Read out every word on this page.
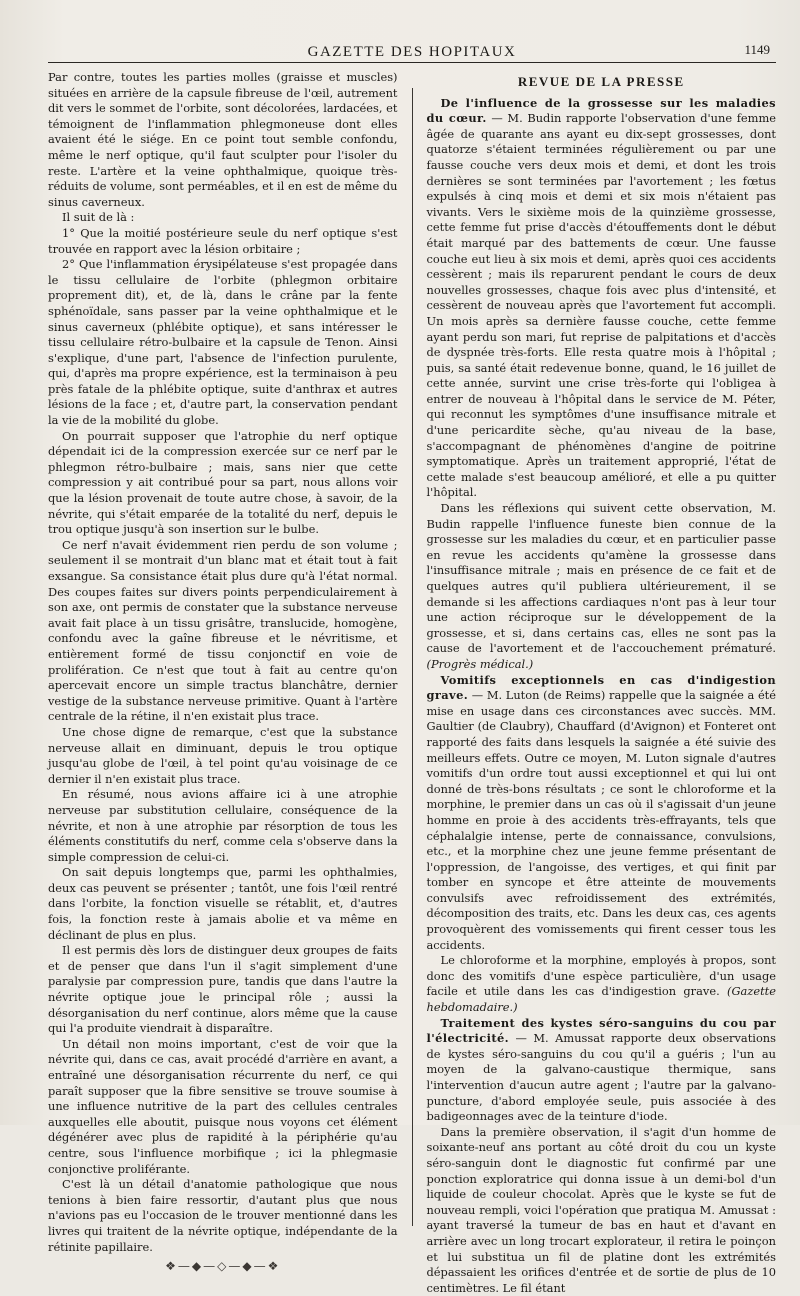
GAZETTE DES HOPITAUX	1149

Par contre, toutes les parties molles (graisse et muscles) situées en arrière de la capsule fibreuse de l'œil, autrement dit vers le sommet de l'orbite, sont décolorées, lardacées, et témoignent de l'inflammation phlegmoneuse dont elles avaient été le siége. En ce point tout semble confondu, même le nerf optique, qu'il faut sculpter pour l'isoler du reste. L'artère et la veine ophthalmique, quoique très-réduits de volume, sont perméables, et il en est de même du sinus caverneux.

Il suit de là :

1° Que la moitié postérieure seule du nerf optique s'est trouvée en rapport avec la lésion orbitaire ;

2° Que l'inflammation érysipélateuse s'est propagée dans le tissu cellulaire de l'orbite (phlegmon orbitaire proprement dit), et, de là, dans le crâne par la fente sphénoïdale, sans passer par la veine ophthalmique et le sinus caverneux (phlébite optique), et sans intéresser le tissu cellulaire rétro-bulbaire et la capsule de Tenon. Ainsi s'explique, d'une part, l'absence de l'infection purulente, qui, d'après ma propre expérience, est la terminaison à peu près fatale de la phlébite optique, suite d'anthrax et autres lésions de la face ; et, d'autre part, la conservation pendant la vie de la mobilité du globe.

On pourrait supposer que l'atrophie du nerf optique dépendait ici de la compression exercée sur ce nerf par le phlegmon rétro-bulbaire ; mais, sans nier que cette compression y ait contribué pour sa part, nous allons voir que la lésion provenait de toute autre chose, à savoir, de la névrite, qui s'était emparée de la totalité du nerf, depuis le trou optique jusqu'à son insertion sur le bulbe.

Ce nerf n'avait évidemment rien perdu de son volume ; seulement il se montrait d'un blanc mat et était tout à fait exsangue. Sa consistance était plus dure qu'à l'état normal. Des coupes faites sur divers points perpendiculairement à son axe, ont permis de constater que la substance nerveuse avait fait place à un tissu grisâtre, translucide, homogène, confondu avec la gaîne fibreuse et le névritisme, et entièrement formé de tissu conjonctif en voie de prolifération. Ce n'est que tout à fait au centre qu'on apercevait encore un simple tractus blanchâtre, dernier vestige de la substance nerveuse primitive. Quant à l'artère centrale de la rétine, il n'en existait plus trace.

Une chose digne de remarque, c'est que la substance nerveuse allait en diminuant, depuis le trou optique jusqu'au globe de l'œil, à tel point qu'au voisinage de ce dernier il n'en existait plus trace.

En résumé, nous avions affaire ici à une atrophie nerveuse par substitution cellulaire, conséquence de la névrite, et non à une atrophie par résorption de tous les éléments constitutifs du nerf, comme cela s'observe dans la simple compression de celui-ci.

On sait depuis longtemps que, parmi les ophthalmies, deux cas peuvent se présenter ; tantôt, une fois l'œil rentré dans l'orbite, la fonction visuelle se rétablit, et, d'autres fois, la fonction reste à jamais abolie et va même en déclinant de plus en plus.

Il est permis dès lors de distinguer deux groupes de faits et de penser que dans l'un il s'agit simplement d'une paralysie par compression pure, tandis que dans l'autre la névrite optique joue le principal rôle ; aussi la désorganisation du nerf continue, alors même que la cause qui l'a produite viendrait à disparaître.

Un détail non moins important, c'est de voir que la névrite qui, dans ce cas, avait procédé d'arrière en avant, a entraîné une désorganisation récurrente du nerf, ce qui paraît supposer que la fibre sensitive se trouve soumise à une influence nutritive de la part des cellules centrales auxquelles elle aboutit, puisque nous voyons cet élément dégénérer avec plus de rapidité à la périphérie qu'au centre, sous l'influence morbifique ; ici la phlegmasie conjonctive proliférante.

C'est là un détail d'anatomie pathologique que nous tenions à bien faire ressortir, d'autant plus que nous n'avions pas eu l'occasion de le trouver mentionné dans les livres qui traitent de la névrite optique, indépendante de la rétinite papillaire.

❖—◆—◇—◆—❖
REVUE DE LA PRESSE

De l'influence de la grossesse sur les maladies du cœur. — M. Budin rapporte l'observation d'une femme âgée de quarante ans ayant eu dix-sept grossesses, dont quatorze s'étaient terminées régulièrement ou par une fausse couche vers deux mois et demi, et dont les trois dernières se sont terminées par l'avortement ; les fœtus expulsés à cinq mois et demi et six mois n'étaient pas vivants. Vers le sixième mois de la quinzième grossesse, cette femme fut prise d'accès d'étouffements dont le début était marqué par des battements de cœur. Une fausse couche eut lieu à six mois et demi, après quoi ces accidents cessèrent ; mais ils reparurent pendant le cours de deux nouvelles grossesses, chaque fois avec plus d'intensité, et cessèrent de nouveau après que l'avortement fut accompli. Un mois après sa dernière fausse couche, cette femme ayant perdu son mari, fut reprise de palpitations et d'accès de dyspnée très-forts. Elle resta quatre mois à l'hôpital ; puis, sa santé était redevenue bonne, quand, le 16 juillet de cette année, survint une crise très-forte qui l'obligea à entrer de nouveau à l'hôpital dans le service de M. Péter, qui reconnut les symptômes d'une insuffisance mitrale et d'une pericardite sèche, qu'au niveau de la base, s'accompagnant de phénomènes d'angine de poitrine symptomatique. Après un traitement approprié, l'état de cette malade s'est beaucoup amélioré, et elle a pu quitter l'hôpital.

Dans les réflexions qui suivent cette observation, M. Budin rappelle l'influence funeste bien connue de la grossesse sur les maladies du cœur, et en particulier passe en revue les accidents qu'amène la grossesse dans l'insuffisance mitrale ; mais en présence de ce fait et de quelques autres qu'il publiera ultérieurement, il se demande si les affections cardiaques n'ont pas à leur tour une action réciproque sur le développement de la grossesse, et si, dans certains cas, elles ne sont pas la cause de l'avortement et de l'accouchement prématuré. (Progrès médical.)

Vomitifs exceptionnels en cas d'indigestion grave. — M. Luton (de Reims) rappelle que la saignée a été mise en usage dans ces circonstances avec succès. MM. Gaultier (de Claubry), Chauffard (d'Avignon) et Fonteret ont rapporté des faits dans lesquels la saignée a été suivie des meilleurs effets. Outre ce moyen, M. Luton signale d'autres vomitifs d'un ordre tout aussi exceptionnel et qui lui ont donné de très-bons résultats ; ce sont le chloroforme et la morphine, le premier dans un cas où il s'agissait d'un jeune homme en proie à des accidents très-effrayants, tels que céphalalgie intense, perte de connaissance, convulsions, etc., et la morphine chez une jeune femme présentant de l'oppression, de l'angoisse, des vertiges, et qui finit par tomber en syncope et être atteinte de mouvements convulsifs avec refroidissement des extrémités, décomposition des traits, etc. Dans les deux cas, ces agents provoquèrent des vomissements qui firent cesser tous les accidents.

Le chloroforme et la morphine, employés à propos, sont donc des vomitifs d'une espèce particulière, d'un usage facile et utile dans les cas d'indigestion grave. (Gazette hebdomadaire.)

Traitement des kystes séro-sanguins du cou par l'électricité. — M. Amussat rapporte deux observations de kystes séro-sanguins du cou qu'il a guéris ; l'un au moyen de la galvano-caustique thermique, sans l'intervention d'aucun autre agent ; l'autre par la galvano-puncture, d'abord employée seule, puis associée à des badigeonnages avec de la teinture d'iode.

Dans la première observation, il s'agit d'un homme de soixante-neuf ans portant au côté droit du cou un kyste séro-sanguin dont le diagnostic fut confirmé par une ponction exploratrice qui donna issue à un demi-bol d'un liquide de couleur chocolat. Après que le kyste se fut de nouveau rempli, voici l'opération que pratiqua M. Amussat : ayant traversé la tumeur de bas en haut et d'avant en arrière avec un long trocart explorateur, il retira le poinçon et lui substitua un fil de platine dont les extrémités dépassaient les orifices d'entrée et de sortie de plus de 10 centimètres. Le fil étant
